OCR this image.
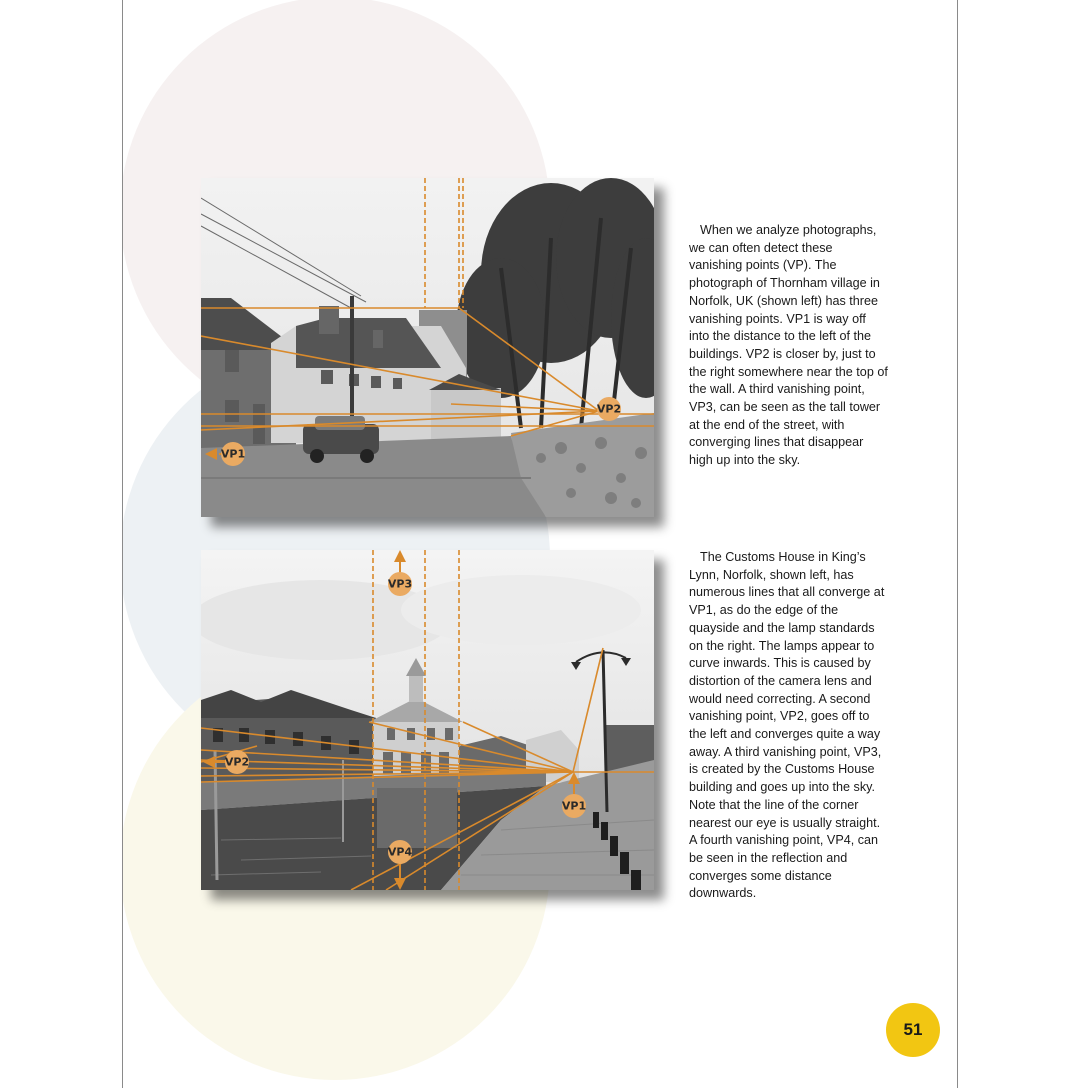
VP1
VP2
VP3
VP2
VP1
VP4

When we analyze photographs, we can often detect these vanishing points (VP). The photograph of Thornham village in Norfolk, UK (shown left) has three vanishing points. VP1 is way off into the distance to the left of the buildings. VP2 is closer by, just to the right somewhere near the top of the wall. A third vanishing point, VP3, can be seen as the tall tower at the end of the street, with converging lines that disappear high up into the sky.

The Customs House in King’s Lynn, Norfolk, shown left, has numerous lines that all converge at VP1, as do the edge of the quayside and the lamp standards on the right. The lamps appear to curve inwards. This is caused by distortion of the camera lens and would need correcting. A second vanishing point, VP2, goes off to the left and converges quite a way away. A third vanishing point, VP3, is created by the Customs House building and goes up into the sky. Note that the line of the corner nearest our eye is usually straight. A fourth vanishing point, VP4, can be seen in the reflection and converges some distance downwards.

51
